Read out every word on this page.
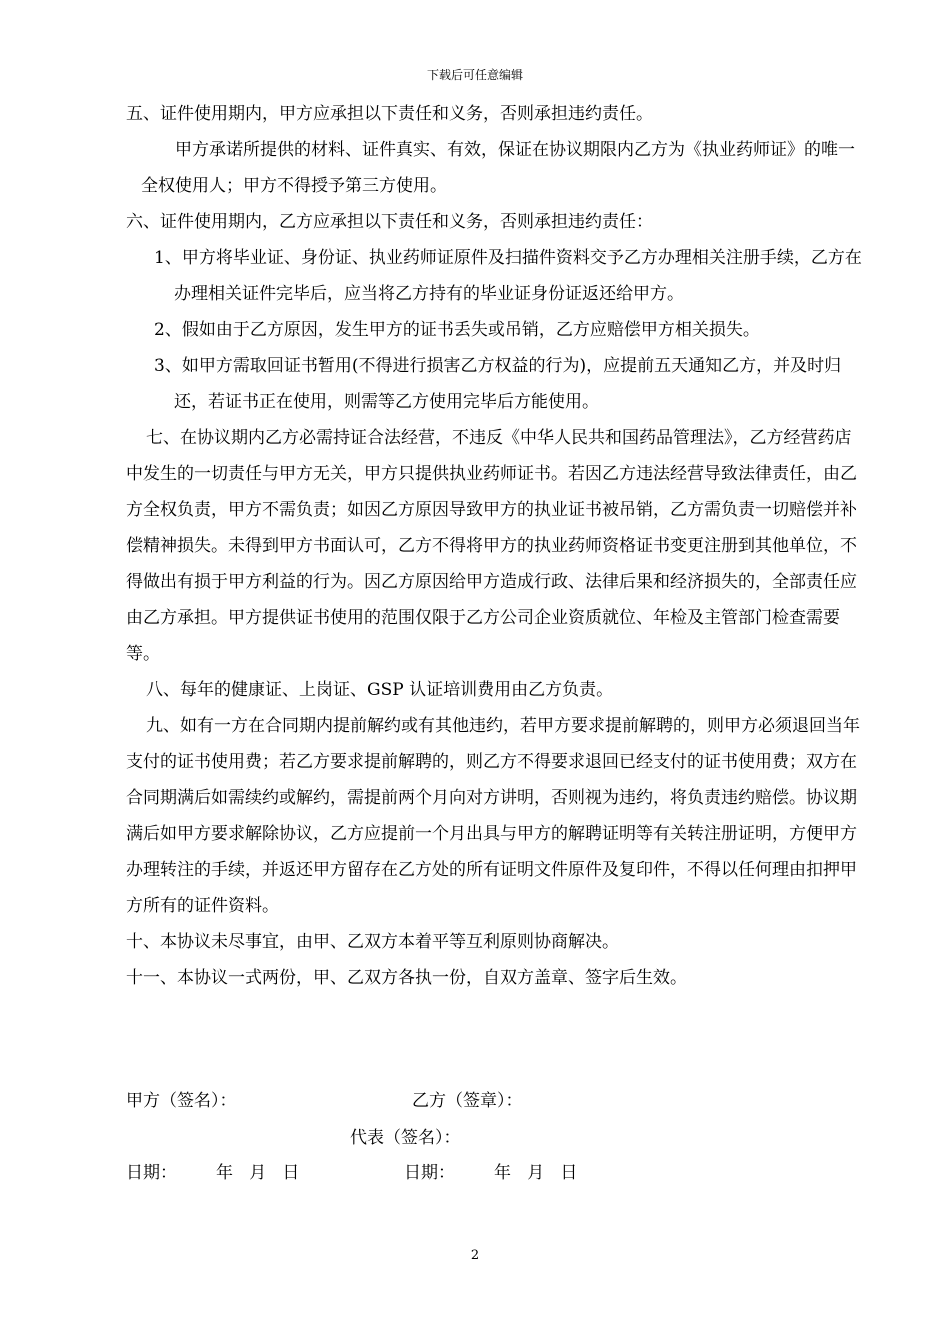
下载后可任意编辑

五、证件使用期内，甲方应承担以下责任和义务，否则承担违约责任。

甲方承诺所提供的材料、证件真实、有效，保证在协议期限内乙方为《执业药师证》的唯一全权使用人；甲方不得授予第三方使用。

六、证件使用期内，乙方应承担以下责任和义务，否则承担违约责任：

1、甲方将毕业证、身份证、执业药师证原件及扫描件资料交予乙方办理相关注册手续，乙方在办理相关证件完毕后，应当将乙方持有的毕业证身份证返还给甲方。

2、假如由于乙方原因，发生甲方的证书丢失或吊销，乙方应赔偿甲方相关损失。

3、如甲方需取回证书暂用(不得进行损害乙方权益的行为)，应提前五天通知乙方，并及时归还，若证书正在使用，则需等乙方使用完毕后方能使用。

七、在协议期内乙方必需持证合法经营，不违反《中华人民共和国药品管理法》，乙方经营药店中发生的一切责任与甲方无关，甲方只提供执业药师证书。若因乙方违法经营导致法律责任，由乙方全权负责，甲方不需负责；如因乙方原因导致甲方的执业证书被吊销，乙方需负责一切赔偿并补偿精神损失。未得到甲方书面认可，乙方不得将甲方的执业药师资格证书变更注册到其他单位，不得做出有损于甲方利益的行为。因乙方原因给甲方造成行政、法律后果和经济损失的，全部责任应由乙方承担。甲方提供证书使用的范围仅限于乙方公司企业资质就位、年检及主管部门检查需要等。

八、每年的健康证、上岗证、GSP 认证培训费用由乙方负责。

九、如有一方在合同期内提前解约或有其他违约，若甲方要求提前解聘的，则甲方必须退回当年支付的证书使用费；若乙方要求提前解聘的，则乙方不得要求退回已经支付的证书使用费；双方在合同期满后如需续约或解约，需提前两个月向对方讲明，否则视为违约，将负责违约赔偿。协议期满后如甲方要求解除协议，乙方应提前一个月出具与甲方的解聘证明等有关转注册证明，方便甲方办理转注的手续，并返还甲方留存在乙方处的所有证明文件原件及复印件，不得以任何理由扣押甲方所有的证件资料。

十、本协议未尽事宜，由甲、乙双方本着平等互利原则协商解决。

十一、本协议一式两份，甲、乙双方各执一份，自双方盖章、签字后生效。

甲方（签名）：	乙方（签章）：
代表（签名）：
日期： 年   月   日	日期： 年   月   日
2
